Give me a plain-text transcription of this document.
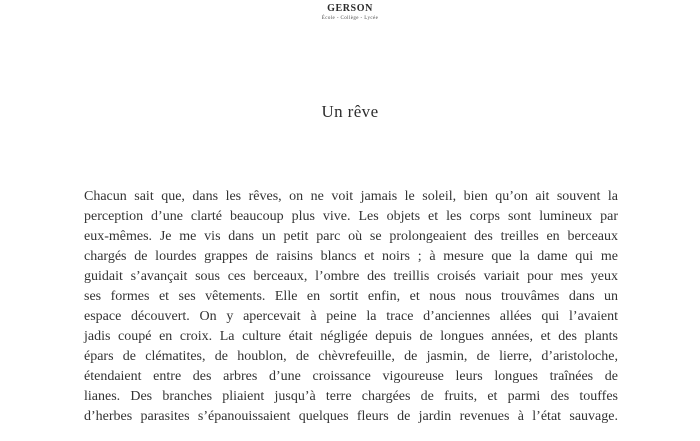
GERSON
École - Collège - Lycée
Un rêve
Chacun sait que, dans les rêves, on ne voit jamais le soleil, bien qu’on ait souvent la
perception d’une clarté beaucoup plus vive. Les objets et les corps sont lumineux par
eux-mêmes. Je me vis dans un petit parc où se prolongeaient des treilles en berceaux
chargés de lourdes grappes de raisins blancs et noirs ; à mesure que la dame qui me
guidait s’avançait sous ces berceaux, l’ombre des treillis croisés variait pour mes yeux
ses formes et ses vêtements. Elle en sortit enfin, et nous nous trouvâmes dans un
espace découvert. On y apercevait à peine la trace d’anciennes allées qui l’avaient
jadis coupé en croix. La culture était négligée depuis de longues années, et des plants
épars de clématites, de houblon, de chèvrefeuille, de jasmin, de lierre, d’aristoloche,
étendaient entre des arbres d’une croissance vigoureuse leurs longues traînées de
lianes. Des branches pliaient jusqu’à terre chargées de fruits, et parmi des touffes
d’herbes parasites s’épanouissaient quelques fleurs de jardin revenues à l’état sauvage.
